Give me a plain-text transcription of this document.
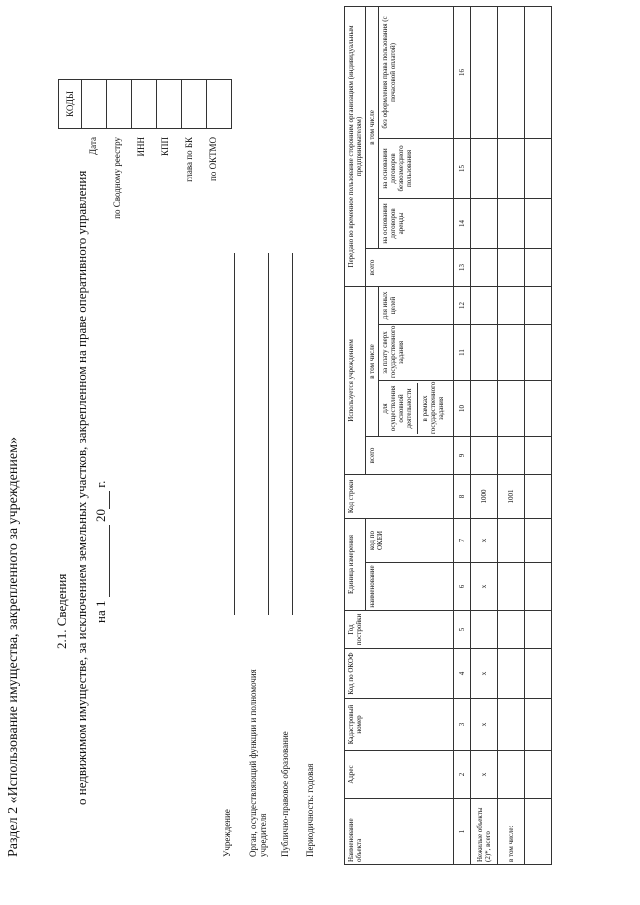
Раздел 2 «Использование имущества, закрепленного за учреждением»	2.1. Сведения о недвижимом имуществе, за исключением земельных участков, закрепленном на праве оперативного управления на 1   20  г.
Учреждение Орган, осуществляющий функции и полномочия учредителя Публично-правовое образование Периодичность: годовая
Дата по Сводному реестру ИНН КПП глава по БК по ОКТМО
КОДЫ

Наименование объекта	Адрес	Кадастровый номер	Код по ОКОФ	Год постройки	Единица измерения		Код строки	Используется учреждением				Передано во временное пользование сторонним организациям (индивидуальным предпринимателям)			
					наименование	код по ОКЕИ		всего	в том числе			всего	в том числе		

									для осуществления основной деятельности в рамках государственного задания	за плату сверх государственного задания	для иных целей		на основании договоров аренды	на основании договоров безвозмездного пользования	без оформления права пользования (с почасовой оплатой)
1	2	3	4	5	6	7	8	9	10	11	12	13	14	15	16
Нежилые объекты (2)*, всего	x	x	x		x	x	1000								
в том числе:							1001								
